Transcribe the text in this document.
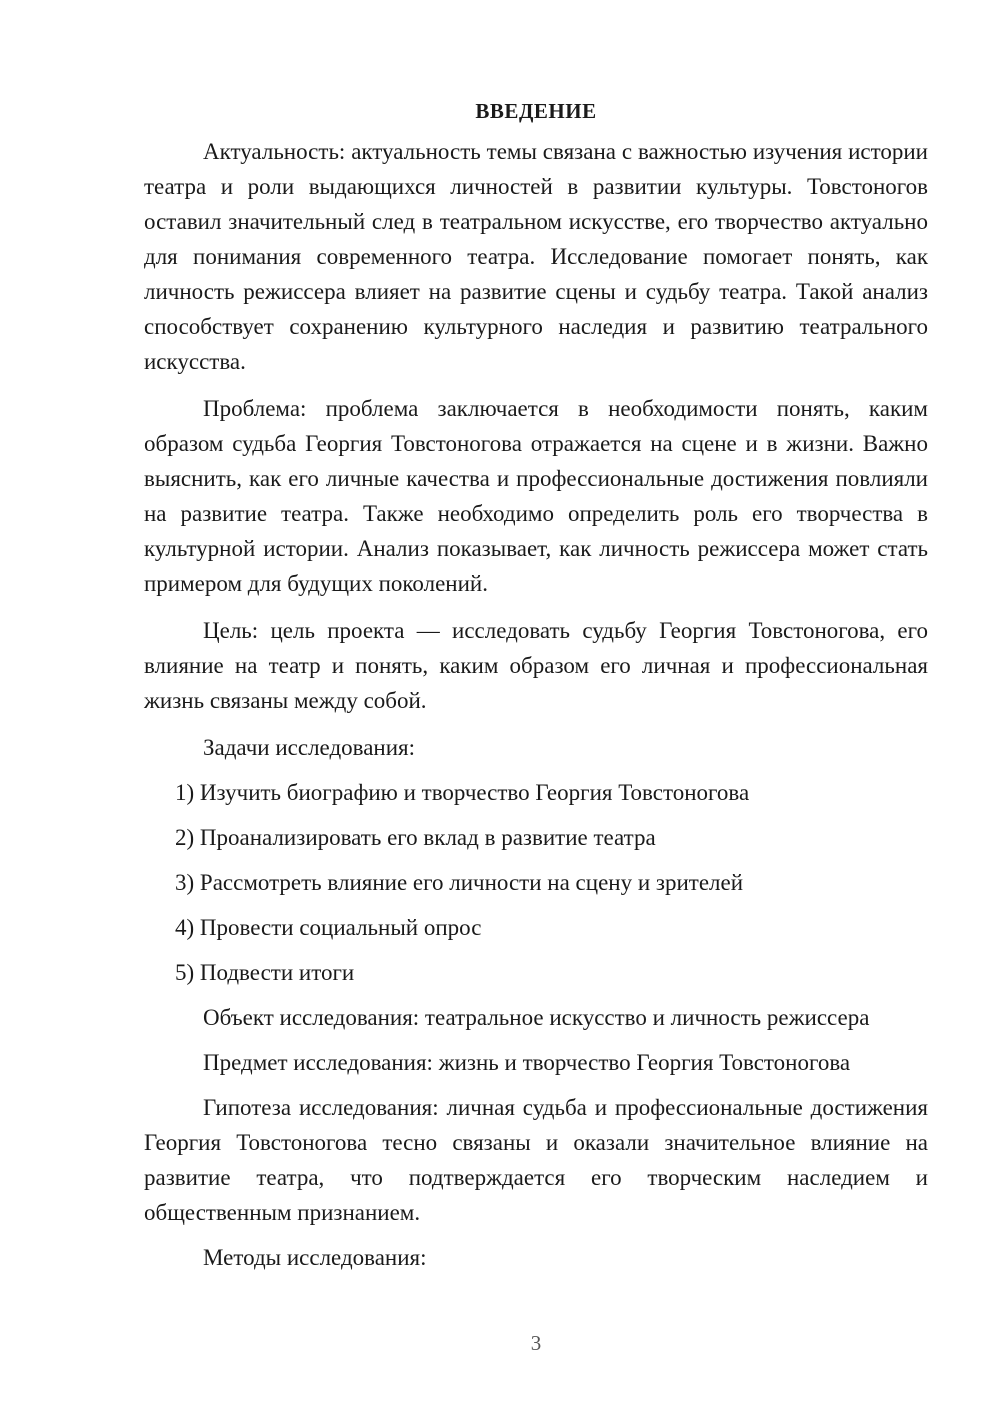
ВВЕДЕНИЕ

Актуальность: актуальность темы связана с важностью изучения истории театра и роли выдающихся личностей в развитии культуры. Товстоногов оставил значительный след в театральном искусстве, его творчество актуально для понимания современного театра. Исследование помогает понять, как личность режиссера влияет на развитие сцены и судьбу театра. Такой анализ способствует сохранению культурного наследия и развитию театрального искусства.

Проблема: проблема заключается в необходимости понять, каким образом судьба Георгия Товстоногова отражается на сцене и в жизни. Важно выяснить, как его личные качества и профессиональные достижения повлияли на развитие театра. Также необходимо определить роль его творчества в культурной истории. Анализ показывает, как личность режиссера может стать примером для будущих поколений.

Цель: цель проекта — исследовать судьбу Георгия Товстоногова, его влияние на театр и понять, каким образом его личная и профессиональная жизнь связаны между собой.

Задачи исследования:
1) Изучить биографию и творчество Георгия Товстоногова
2) Проанализировать его вклад в развитие театра
3) Рассмотреть влияние его личности на сцену и зрителей
4) Провести социальный опрос
5) Подвести итоги
Объект исследования: театральное искусство и личность режиссера
Предмет исследования: жизнь и творчество Георгия Товстоногова

Гипотеза исследования: личная судьба и профессиональные достижения Георгия Товстоногова тесно связаны и оказали значительное влияние на развитие театра, что подтверждается его творческим наследием и общественным признанием.

Методы исследования:
3
